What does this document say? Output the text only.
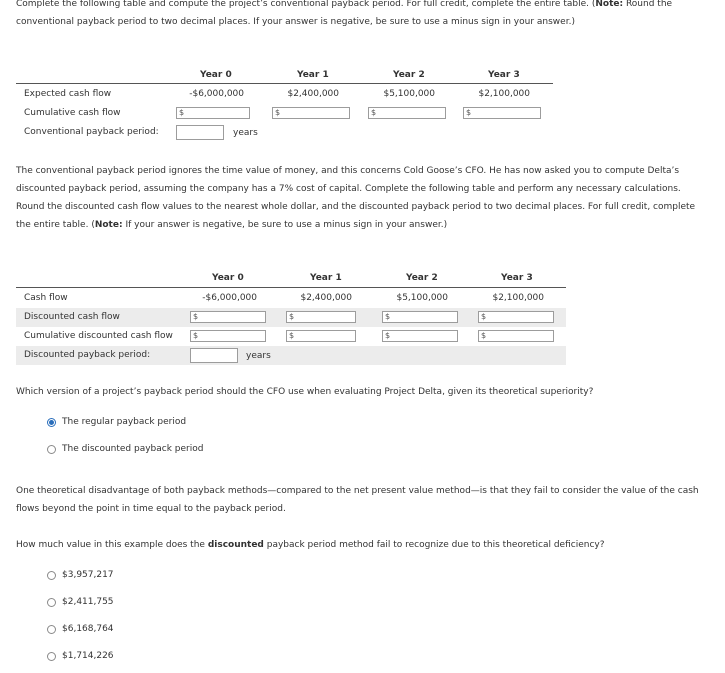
Complete the following table and compute the project’s conventional payback period. For full credit, complete the entire table. (Note: Round the
conventional payback period to two decimal places. If your answer is negative, be sure to use a minus sign in your answer.)
Year 0	Year 1	Year 2	Year 3
Expected cash flow	-$6,000,000	$2,400,000	$5,100,000	$2,100,000
Cumulative cash flow	$	$	$	$
Conventional payback period:	years
The conventional payback period ignores the time value of money, and this concerns Cold Goose’s CFO. He has now asked you to compute Delta’s
discounted payback period, assuming the company has a 7% cost of capital. Complete the following table and perform any necessary calculations.
Round the discounted cash flow values to the nearest whole dollar, and the discounted payback period to two decimal places. For full credit, complete
the entire table. (Note: If your answer is negative, be sure to use a minus sign in your answer.)
Year 0	Year 1	Year 2	Year 3
Cash flow	-$6,000,000	$2,400,000	$5,100,000	$2,100,000
Discounted cash flow	$	$	$	$
Cumulative discounted cash flow	$	$	$	$
Discounted payback period:	years
Which version of a project’s payback period should the CFO use when evaluating Project Delta, given its theoretical superiority?
The regular payback period
The discounted payback period
One theoretical disadvantage of both payback methods—compared to the net present value method—is that they fail to consider the value of the cash
flows beyond the point in time equal to the payback period.
How much value in this example does the discounted payback period method fail to recognize due to this theoretical deficiency?
$3,957,217
$2,411,755
$6,168,764
$1,714,226
